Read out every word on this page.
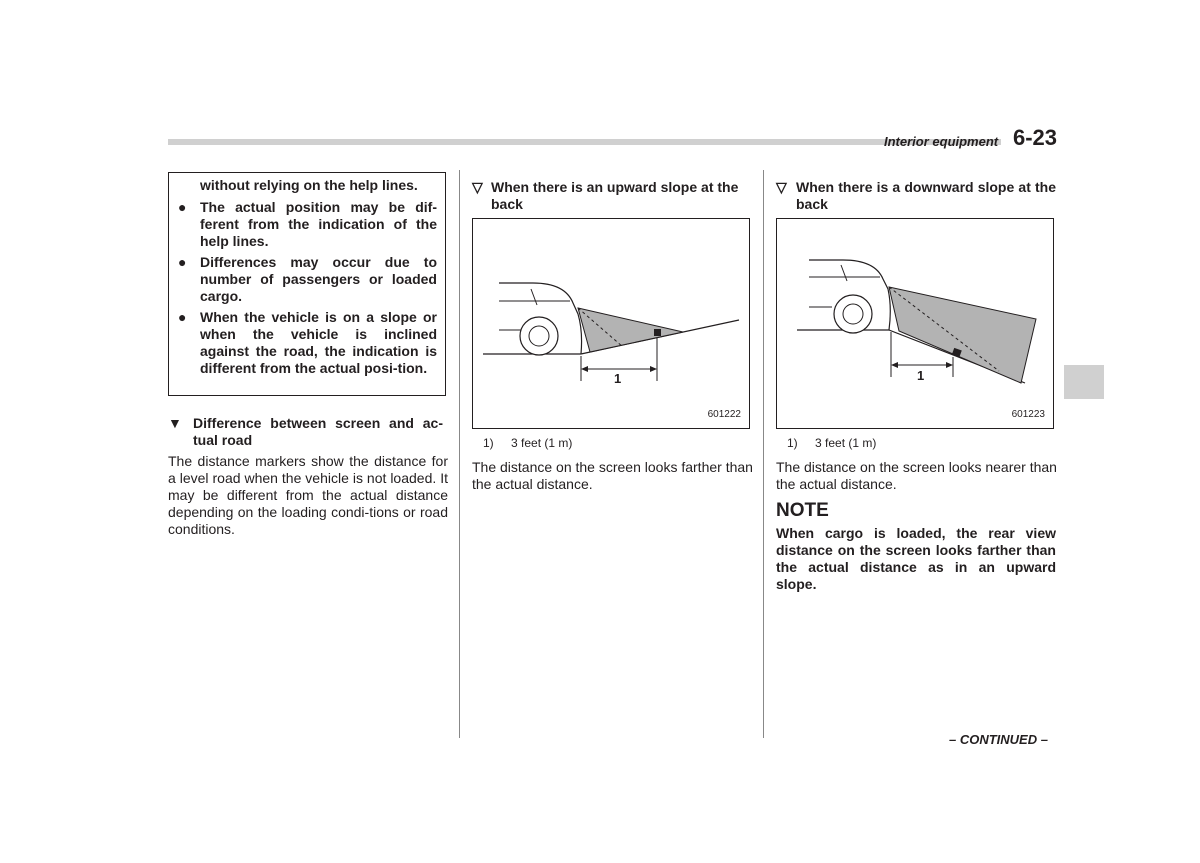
Interior equipment 6-23
without relying on the help lines.
● The actual position may be dif-ferent from the indication of the help lines.
● Differences may occur due to number of passengers or loaded cargo.
● When the vehicle is on a slope or when the vehicle is inclined against the road, the indication is different from the actual posi-tion.
▼ Difference between screen and ac-tual road
The distance markers show the distance for a level road when the vehicle is not loaded. It may be different from the actual distance depending on the loading condi-tions or road conditions.
▽ When there is an upward slope at the back
1
601222
1) 3 feet (1 m)
The distance on the screen looks farther than the actual distance.
▽ When there is a downward slope at the back
1
601223
1) 3 feet (1 m)
The distance on the screen looks nearer than the actual distance.
NOTE
When cargo is loaded, the rear view distance on the screen looks farther than the actual distance as in an upward slope.
– CONTINUED –
